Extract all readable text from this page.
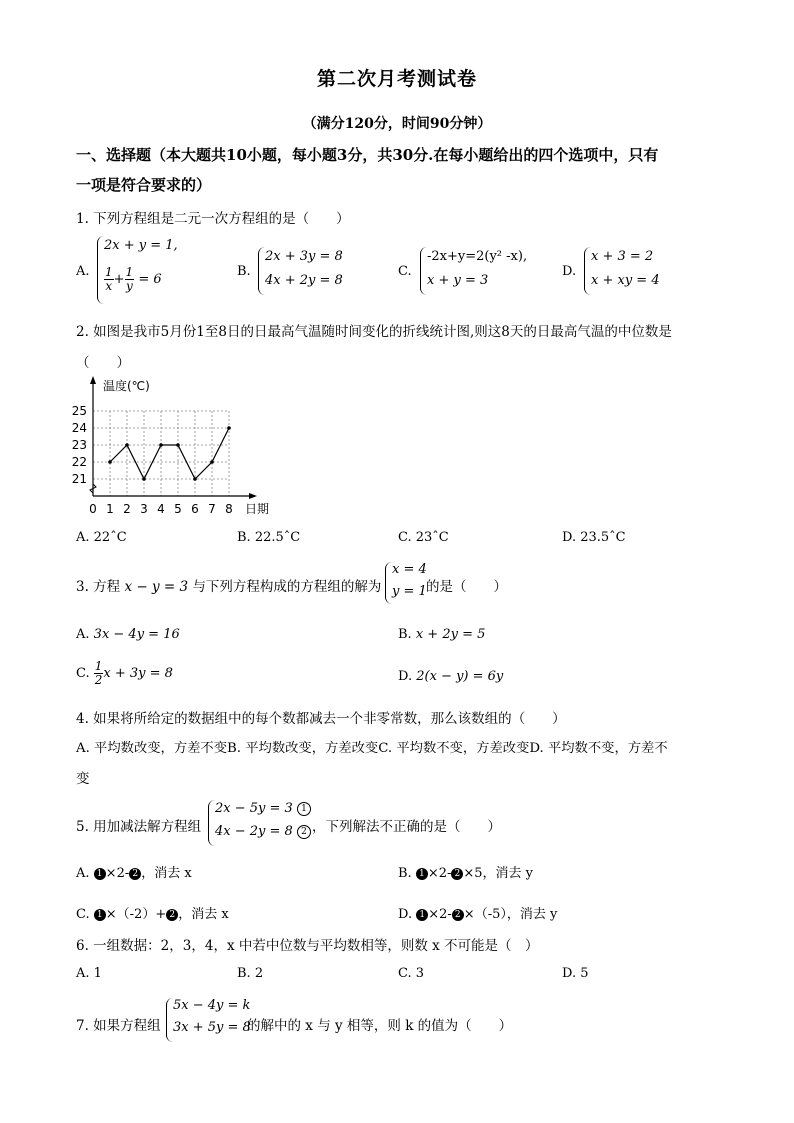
第二次月考测试卷
（满分120分，时间90分钟）
一、选择题（本大题共10小题，每小题3分，共30分.在每小题给出的四个选项中，只有
一项是符合要求的）
1. 下列方程组是二元一次方程组的是（　　）
A.
2x + y = 1,
$\frac{1}{x} + \frac{1}{y} = 6$
B.
2x + 3y = 8
4x + 2y = 8
C.
-2x+y=2(y² -x),
x + y = 3
D.
x + 3 = 2
x + xy = 4
2. 如图是我市5月份1至8日的日最高气温随时间变化的折线统计图,则这8天的日最高气温的中位数是
（　　）
21
22
23
24
25
0 1 2 3 4 5 6 7 8
温度(℃)
日期
A. 22ˆC	B. 22.5ˆC	C. 23ˆC	D. 23.5ˆC
3. 方程 x − y = 3 与下列方程构成的方程组的解为
x = 4
y = 1 的是（　　）
A. 3x − 4y = 16	B. x + 2y = 5
C. $\frac{1}{2}$ x + 3y = 8	D. 2(x − y) = 6y
4. 如果将所给定的数据组中的每个数都减去一个非零常数，那么该数组的（　　）
A. 平均数改变，方差不变B. 平均数改变，方差改变C. 平均数不变，方差改变D. 平均数不变，方差不
变
5. 用加减法解方程组
2x − 5y = 3 1
4x − 2y = 8 2 ，下列解法不正确的是（　　）
A. 1 ×2- 2 ，消去 x	B. 1 ×2- 2 ×5，消去 y
C. 1 ×（-2）+ 2 ，消去 x	D. 1 ×2- 2 ×（-5），消去 y
6. 一组数据：2，3，4，x 中若中位数与平均数相等，则数 x 不可能是（　）
A. 1	B. 2	C. 3	D. 5
7. 如果方程组
5x − 4y = k
3x + 5y = 8
的解中的 x 与 y 相等，则 k 的值为（　　）
